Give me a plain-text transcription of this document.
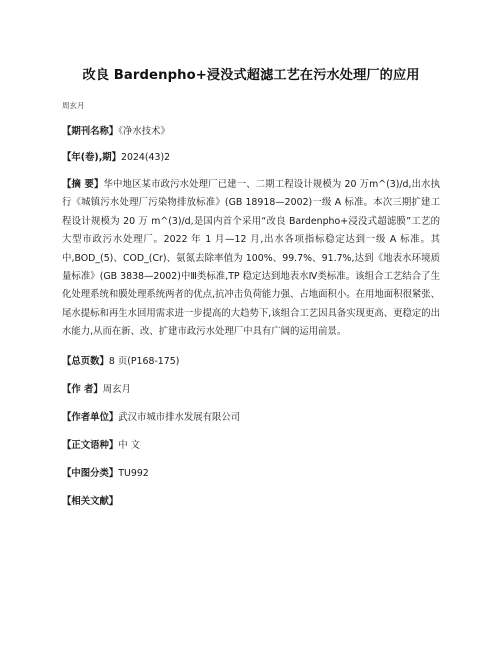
改良 Bardenpho+浸没式超滤工艺在污水处理厂的应用
周玄月
【期刊名称】《净水技术》
【年(卷),期】2024(43)2
【摘 要】华中地区某市政污水处理厂已建一、二期工程设计规模为 20 万m^(3)/d,出水执行《城镇污水处理厂污染物排放标准》(GB 18918—2002)一级 A 标准。本次三期扩建工程设计规模为 20 万 m^(3)/d,是国内首个采用“改良 Bardenpho+浸没式超滤膜”工艺的大型市政污水处理厂。2022 年 1 月—12 月,出水各项指标稳定达到一级 A 标准。其中,BOD_(5)、COD_(Cr)、氨氮去除率值为 100%、99.7%、91.7%,达到《地表水环境质量标准》(GB 3838—2002)中Ⅲ类标准,TP 稳定达到地表水Ⅳ类标准。该组合工艺结合了生化处理系统和膜处理系统两者的优点,抗冲击负荷能力强、占地面积小。在用地面积很紧张、尾水提标和再生水回用需求进一步提高的大趋势下,该组合工艺因具备实现更高、更稳定的出水能力,从而在新、改、扩建市政污水处理厂中具有广阔的运用前景。
【总页数】8 页(P168-175)
【作 者】周玄月
【作者单位】武汉市城市排水发展有限公司
【正文语种】中 文
【中图分类】TU992
【相关文献】
